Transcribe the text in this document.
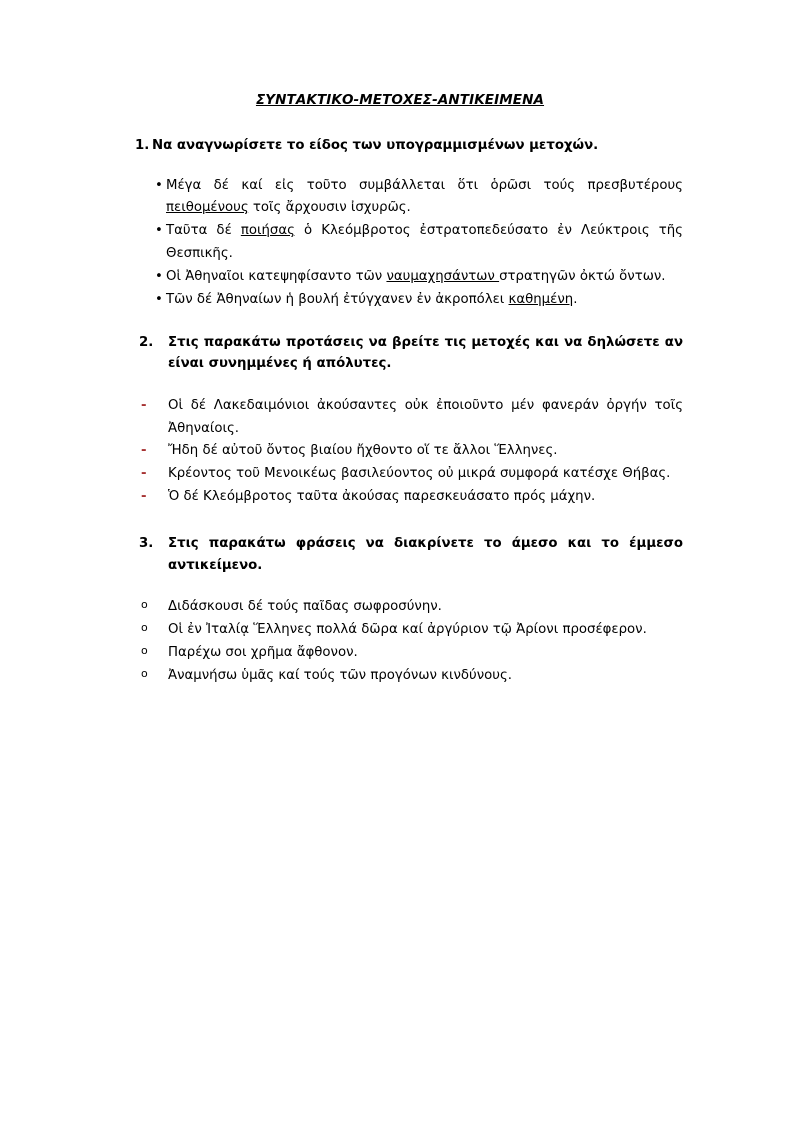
ΣΥΝΤΑΚΤΙΚΟ-ΜΕΤΟΧΕΣ-ΑΝΤΙΚΕΙΜΕΝΑ
1. Να αναγνωρίσετε το είδος των υπογραμμισμένων μετοχών.
• Μέγα δέ καί εἰς τοῦτο συμβάλλεται ὅτι ὁρῶσι τούς πρεσβυτέρους πειθομένους τοῖς ἄρχουσιν ἰσχυρῶς.
• Ταῦτα δέ ποιήσας ὁ Κλεόμβροτος ἐστρατοπεδεύσατο ἐν Λεύκτροις τῆς Θεσπικῆς.
• Οἱ Ἀθηναῖοι κατεψηφίσαντο τῶν ναυμαχησάντων στρατηγῶν ὀκτώ ὄντων.
• Τῶν δέ Ἀθηναίων ἡ βουλή ἐτύγχανεν ἐν ἀκροπόλει καθημένη.
2.	Στις παρακάτω προτάσεις να βρείτε τις μετοχές και να δηλώσετε αν είναι συνημμένες ή απόλυτες.
-	Οἱ δέ Λακεδαιμόνιοι ἀκούσαντες οὐκ ἐποιοῦντο μέν φανεράν ὀργήν τοῖς Ἀθηναίοις.
-	Ἤδη δέ αὐτοῦ ὄντος βιαίου ἤχθοντο οἵ τε ἄλλοι Ἕλληνες.
-	Κρέοντος τοῦ Μενοικέως βασιλεύοντος οὐ μικρά συμφορά κατέσχε Θήβας.
-	Ὁ δέ Κλεόμβροτος ταῦτα ἀκούσας παρεσκευάσατο πρός μάχην.
3.	Στις παρακάτω φράσεις να διακρίνετε το άμεσο και το έμμεσο αντικείμενο.
o	Διδάσκουσι δέ τούς παῖδας σωφροσύνην.
o	Οἱ ἐν Ἰταλίᾳ Ἕλληνες πολλά δῶρα καί ἀργύριον τῷ Ἀρίονι προσέφερον.
o	Παρέχω σοι χρῆμα ἄφθονον.
o	Ἀναμνήσω ὑμᾶς καί τούς τῶν προγόνων κινδύνους.
